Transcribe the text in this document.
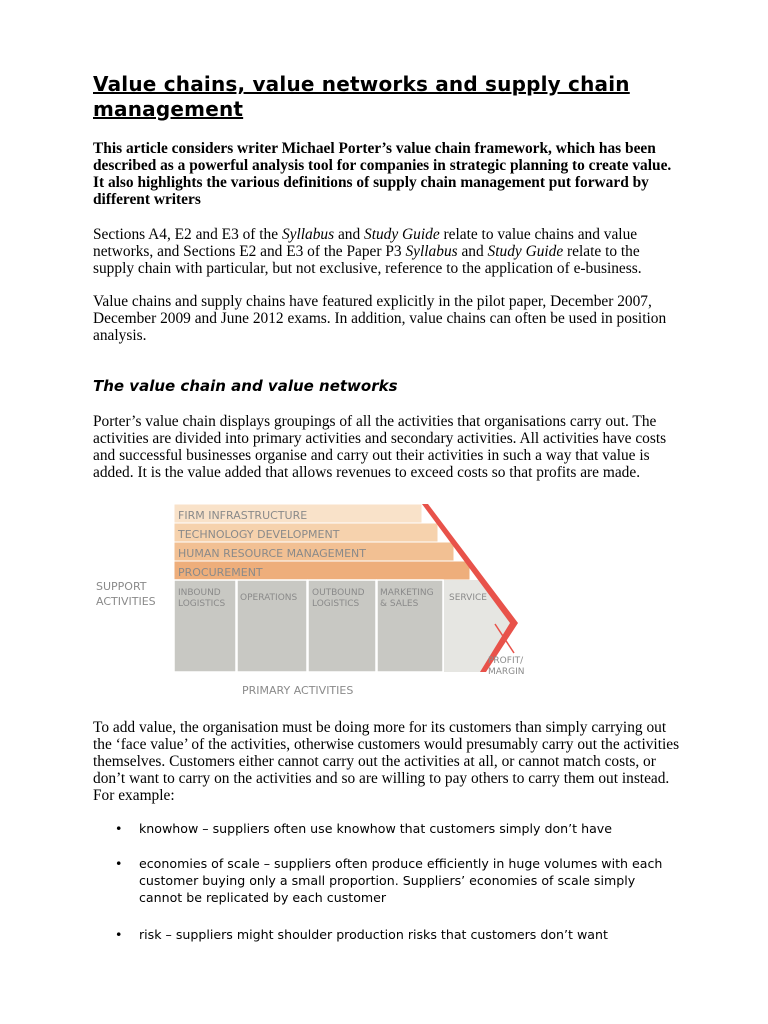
Value chains, value networks and supply chain management

This article considers writer Michael Porter’s value chain framework, which has been described as a powerful analysis tool for companies in strategic planning to create value. It also highlights the various definitions of supply chain management put forward by different writers

Sections A4, E2 and E3 of the Syllabus and Study Guide relate to value chains and value networks, and Sections E2 and E3 of the Paper P3 Syllabus and Study Guide relate to the supply chain with particular, but not exclusive, reference to the application of e-business.

Value chains and supply chains have featured explicitly in the pilot paper, December 2007, December 2009 and June 2012 exams. In addition, value chains can often be used in position analysis.

The value chain and value networks

Porter’s value chain displays groupings of all the activities that organisations carry out. The activities are divided into primary activities and secondary activities. All activities have costs and successful businesses organise and carry out their activities in such a way that value is added. It is the value added that allows revenues to exceed costs so that profits are made.

FIRM INFRASTRUCTURE
TECHNOLOGY DEVELOPMENT
HUMAN RESOURCE MANAGEMENT
PROCUREMENT
SUPPORT
ACTIVITIES
INBOUND
LOGISTICS
OPERATIONS OUTBOUND
LOGISTICS
MARKETING
& SALES
SERVICE
PROFIT/
MARGIN
PRIMARY ACTIVITIES

To add value, the organisation must be doing more for its customers than simply carrying out the ‘face value’ of the activities, otherwise customers would presumably carry out the activities themselves. Customers either cannot carry out the activities at all, or cannot match costs, or don’t want to carry on the activities and so are willing to pay others to carry them out instead. For example:

• knowhow – suppliers often use knowhow that customers simply don’t have
• economies of scale – suppliers often produce efficiently in huge volumes with each customer buying only a small proportion. Suppliers’ economies of scale simply cannot be replicated by each customer
• risk – suppliers might shoulder production risks that customers don’t want
